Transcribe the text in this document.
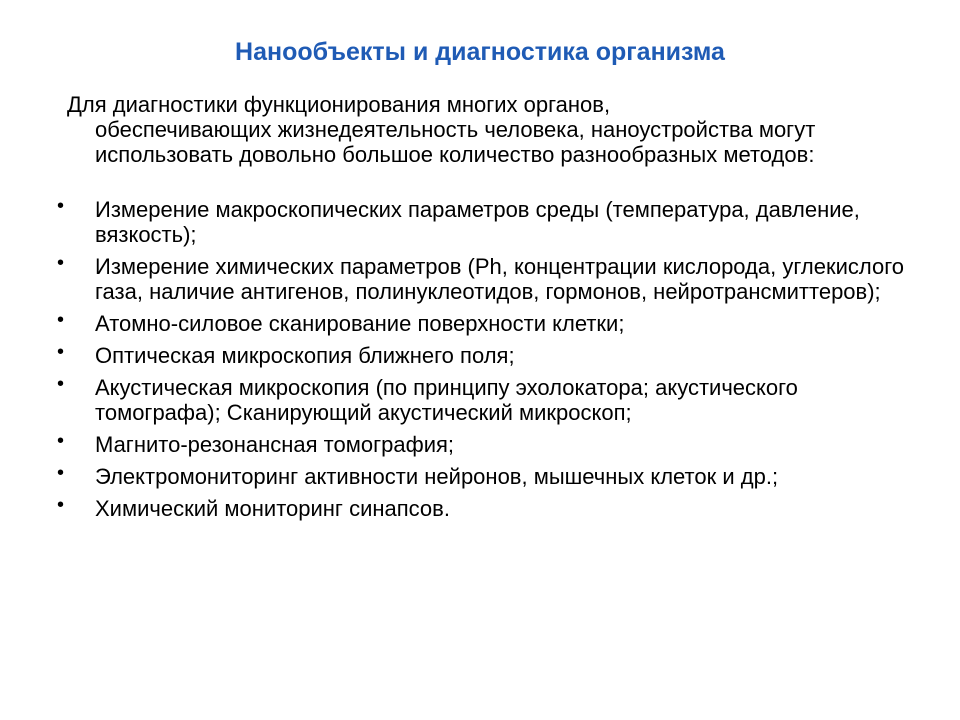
Нанообъекты и диагностика организма
Для диагностики функционирования многих органов,
обеспечивающих жизнедеятельность человека, наноустройства могут использовать довольно большое количество разнообразных методов:
• Измерение макроскопических параметров среды (температура, давление, вязкость);
• Измерение химических параметров (Ph, концентрации кислорода, углекислого газа, наличие антигенов, полинуклеотидов, гормонов, нейротрансмиттеров);
• Атомно-силовое сканирование поверхности клетки;
• Оптическая микроскопия ближнего поля;
• Акустическая микроскопия (по принципу эхолокатора; акустического томографа); Сканирующий акустический микроскоп;
• Магнито-резонансная томография;
• Электромониторинг активности нейронов, мышечных клеток и др.;
• Химический мониторинг синапсов.
